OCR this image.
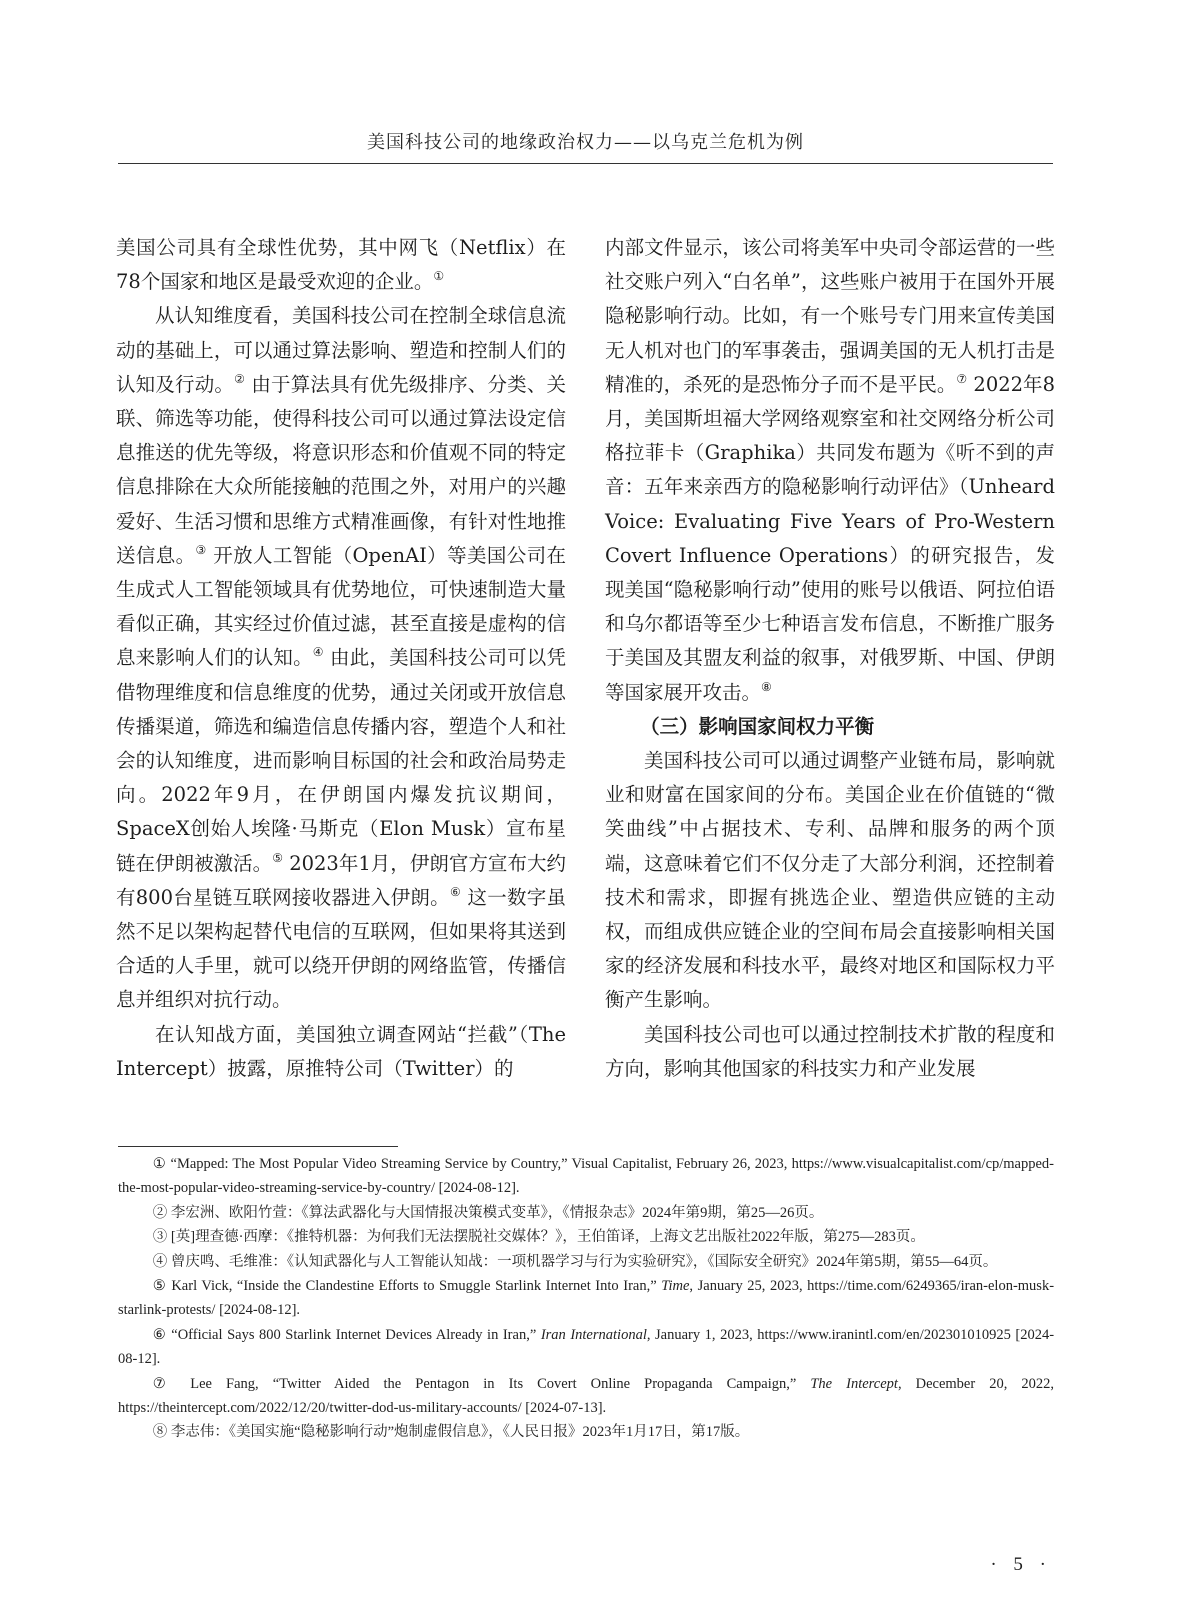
美国科技公司的地缘政治权力——以乌克兰危机为例

美国公司具有全球性优势，其中网飞（Netflix）在78个国家和地区是最受欢迎的企业。①

从认知维度看，美国科技公司在控制全球信息流动的基础上，可以通过算法影响、塑造和控制人们的认知及行动。② 由于算法具有优先级排序、分类、关联、筛选等功能，使得科技公司可以通过算法设定信息推送的优先等级，将意识形态和价值观不同的特定信息排除在大众所能接触的范围之外，对用户的兴趣爱好、生活习惯和思维方式精准画像，有针对性地推送信息。③ 开放人工智能（OpenAI）等美国公司在生成式人工智能领域具有优势地位，可快速制造大量看似正确，其实经过价值过滤，甚至直接是虚构的信息来影响人们的认知。④ 由此，美国科技公司可以凭借物理维度和信息维度的优势，通过关闭或开放信息传播渠道，筛选和编造信息传播内容，塑造个人和社会的认知维度，进而影响目标国的社会和政治局势走向。2022年9月，在伊朗国内爆发抗议期间，SpaceX创始人埃隆·马斯克（Elon Musk）宣布星链在伊朗被激活。⑤ 2023年1月，伊朗官方宣布大约有800台星链互联网接收器进入伊朗。⑥ 这一数字虽然不足以架构起替代电信的互联网，但如果将其送到合适的人手里，就可以绕开伊朗的网络监管，传播信息并组织对抗行动。

在认知战方面，美国独立调查网站“拦截”（The Intercept）披露，原推特公司（Twitter）的

内部文件显示，该公司将美军中央司令部运营的一些社交账户列入“白名单”，这些账户被用于在国外开展隐秘影响行动。比如，有一个账号专门用来宣传美国无人机对也门的军事袭击，强调美国的无人机打击是精准的，杀死的是恐怖分子而不是平民。⑦ 2022年8月，美国斯坦福大学网络观察室和社交网络分析公司格拉菲卡（Graphika）共同发布题为《听不到的声音：五年来亲西方的隐秘影响行动评估》（Unheard Voice: Evaluating Five Years of Pro-Western Covert Influence Operations）的研究报告，发现美国“隐秘影响行动”使用的账号以俄语、阿拉伯语和乌尔都语等至少七种语言发布信息，不断推广服务于美国及其盟友利益的叙事，对俄罗斯、中国、伊朗等国家展开攻击。⑧

（三）影响国家间权力平衡

美国科技公司可以通过调整产业链布局，影响就业和财富在国家间的分布。美国企业在价值链的“微笑曲线”中占据技术、专利、品牌和服务的两个顶端，这意味着它们不仅分走了大部分利润，还控制着技术和需求，即握有挑选企业、塑造供应链的主动权，而组成供应链企业的空间布局会直接影响相关国家的经济发展和科技水平，最终对地区和国际权力平衡产生影响。

美国科技公司也可以通过控制技术扩散的程度和方向，影响其他国家的科技实力和产业发展

① “Mapped: The Most Popular Video Streaming Service by Country,” Visual Capitalist, February 26, 2023, https://www.visualcapitalist.com/cp/mapped-the-most-popular-video-streaming-service-by-country/ [2024-08-12].

② 李宏洲、欧阳竹萱：《算法武器化与大国情报决策模式变革》，《情报杂志》2024年第9期，第25—26页。

③ [英]理查德·西摩：《推特机器：为何我们无法摆脱社交媒体？》，王伯笛译，上海文艺出版社2022年版，第275—283页。

④ 曾庆鸣、毛维准：《认知武器化与人工智能认知战：一项机器学习与行为实验研究》，《国际安全研究》2024年第5期，第55—64页。

⑤ Karl Vick, “Inside the Clandestine Efforts to Smuggle Starlink Internet Into Iran,” Time, January 25, 2023, https://time.com/6249365/iran-elon-musk-starlink-protests/ [2024-08-12].

⑥ “Official Says 800 Starlink Internet Devices Already in Iran,” Iran International, January 1, 2023, https://www.iranintl.com/en/202301010925 [2024-08-12].

⑦ Lee Fang, “Twitter Aided the Pentagon in Its Covert Online Propaganda Campaign,” The Intercept, December 20, 2022, https://theintercept.com/2022/12/20/twitter-dod-us-military-accounts/ [2024-07-13].

⑧ 李志伟：《美国实施“隐秘影响行动”炮制虚假信息》，《人民日报》2023年1月17日，第17版。

· 5 ·
